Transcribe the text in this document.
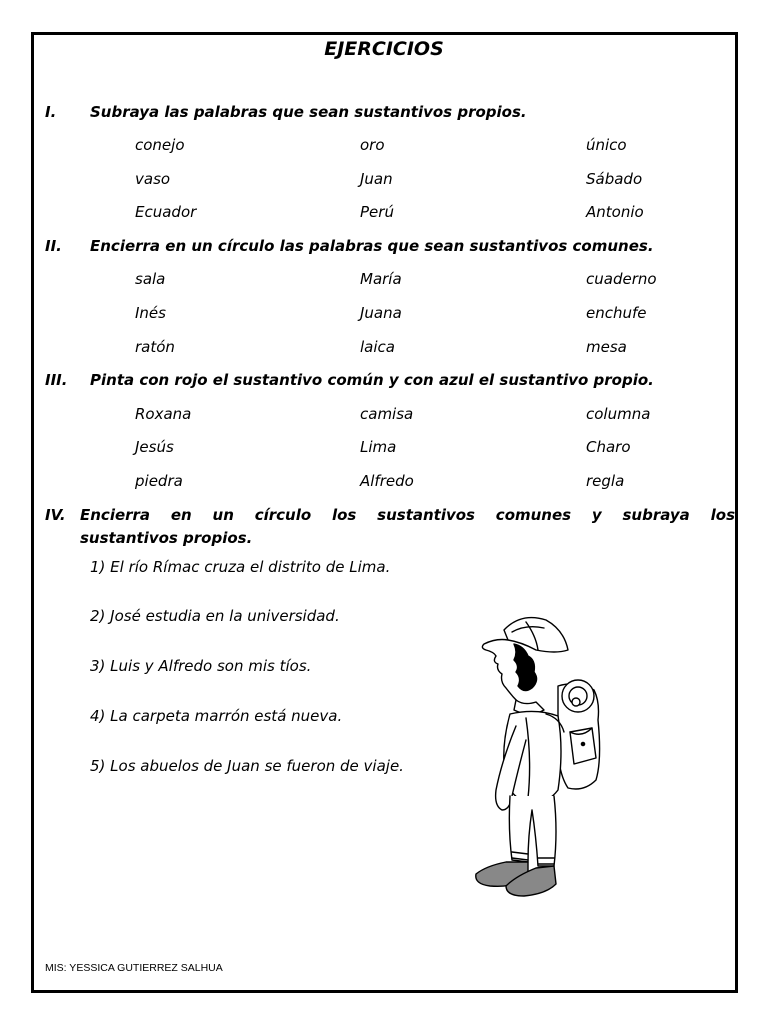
EJERCICIOS
I. Subraya las palabras que sean sustantivos propios.
conejo	oro	único
vaso	Juan	Sábado
Ecuador	Perú	Antonio
II. Encierra en un círculo las palabras que sean sustantivos comunes.
sala	María	cuaderno
Inés	Juana	enchufe
ratón	laica	mesa
III. Pinta con rojo el sustantivo común y con azul el sustantivo propio.
Roxana	camisa	columna
Jesús	Lima	Charo
piedra	Alfredo	regla
IV. Encierra en un círculo los sustantivos comunes y subraya los
sustantivos propios.
1) El río Rímac cruza el distrito de Lima.
2) José estudia en la universidad.
3) Luis y Alfredo son mis tíos.
4) La carpeta marrón está nueva.
5) Los abuelos de Juan se fueron de viaje.
MIS: YESSICA GUTIERREZ SALHUA
